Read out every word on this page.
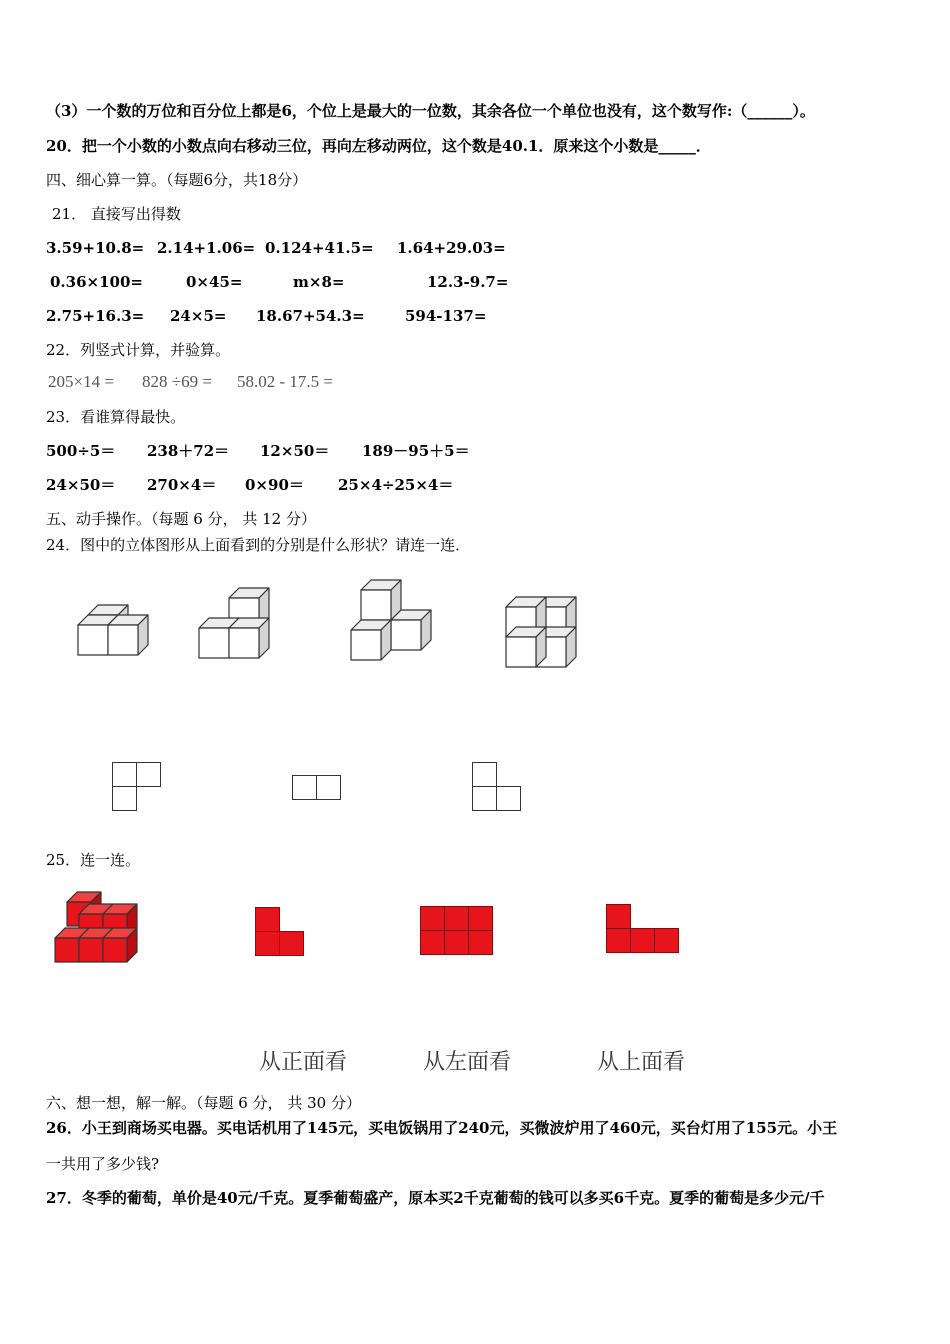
（3）一个数的万位和百分位上都是6，个位上是最大的一位数，其余各位一个单位也没有，这个数写作:（______）。
20．把一个小数的小数点向右移动三位，再向左移动两位，这个数是40.1．原来这个小数是_____．
四、细心算一算。（每题6分，共18分）
21． 直接写出得数
3.59+10.8= 2.14+1.06= 0.124+41.5= 1.64+29.03=
0.36×100=	0×45=	m×8=	12.3-9.7=
2.75+16.3= 24×5= 18.67+54.3=	594-137=
22．列竖式计算，并验算。
205×14 = 828 ÷69 = 58.02 - 17.5 =
23．看谁算得最快。
500÷5＝ 238＋72＝ 12×50＝ 189－95＋5＝
24×50＝ 270×4＝ 0×90＝ 25×4÷25×4＝
五、动手操作。（每题 6 分， 共 12 分）
24．图中的立体图形从上面看到的分别是什么形状？请连一连．
25．连一连。
从正面看	从左面看	从上面看
六、想一想，解一解。（每题 6 分， 共 30 分）
26．小王到商场买电器。买电话机用了145元，买电饭锅用了240元，买微波炉用了460元，买台灯用了155元。小王
一共用了多少钱?
27．冬季的葡萄，单价是40元/千克。夏季葡萄盛产，原本买2千克葡萄的钱可以多买6千克。夏季的葡萄是多少元/千
